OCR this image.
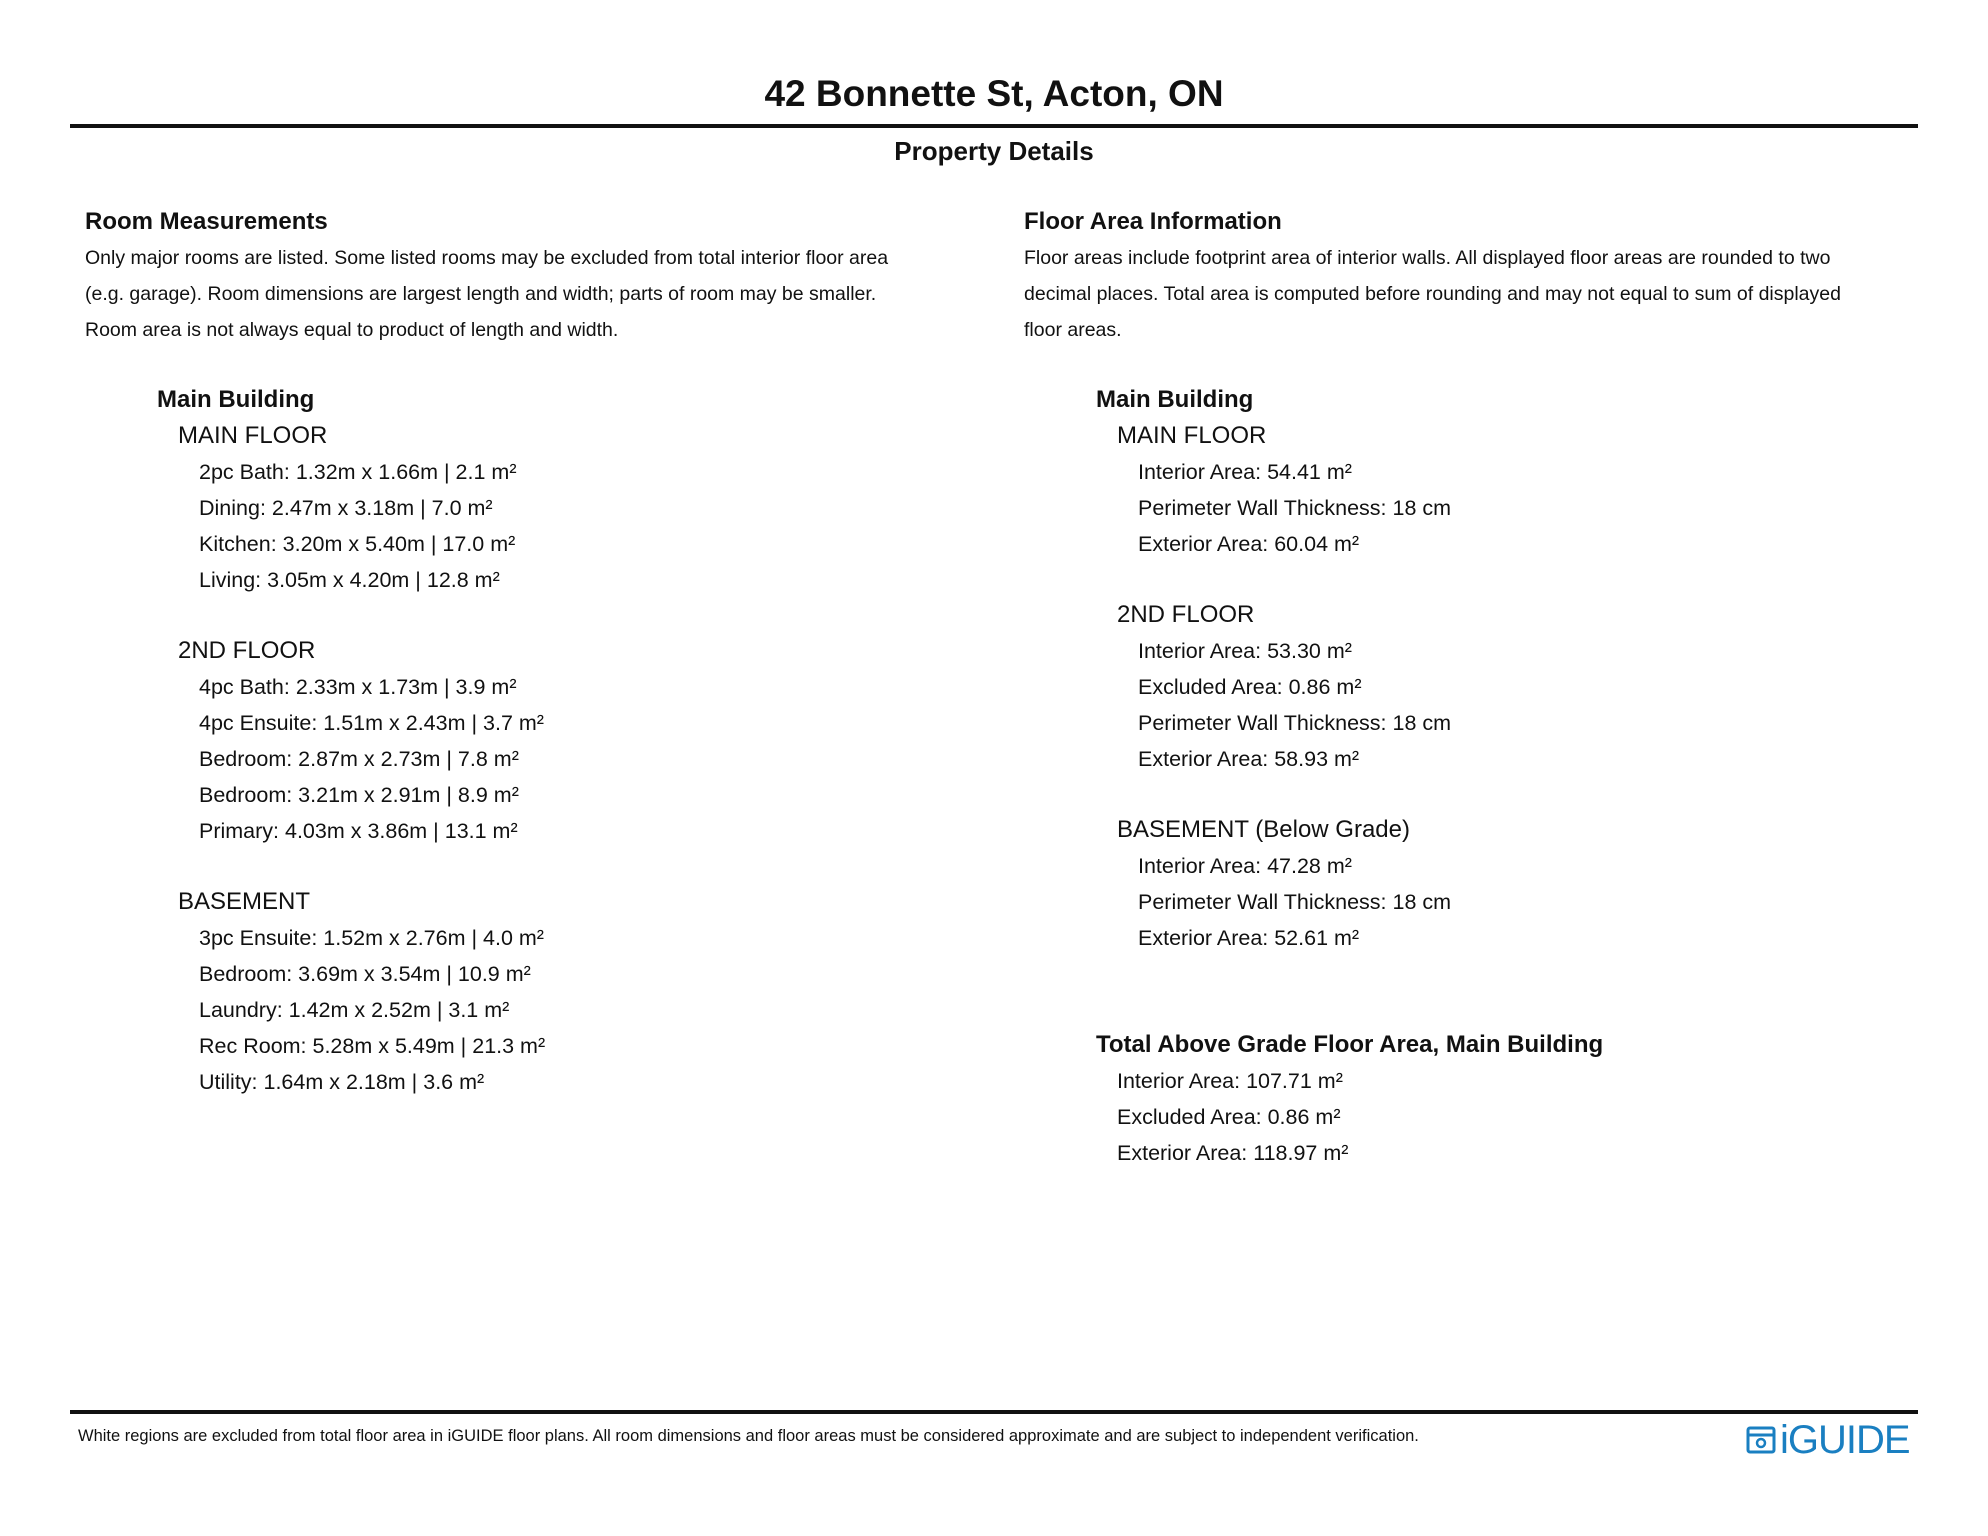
42 Bonnette St, Acton, ON
Property Details
Room Measurements
Only major rooms are listed. Some listed rooms may be excluded from total interior floor area
(e.g. garage). Room dimensions are largest length and width; parts of room may be smaller.
Room area is not always equal to product of length and width.
Main Building
MAIN FLOOR
2pc Bath: 1.32m x 1.66m | 2.1 m²
Dining: 2.47m x 3.18m | 7.0 m²
Kitchen: 3.20m x 5.40m | 17.0 m²
Living: 3.05m x 4.20m | 12.8 m²
2ND FLOOR
4pc Bath: 2.33m x 1.73m | 3.9 m²
4pc Ensuite: 1.51m x 2.43m | 3.7 m²
Bedroom: 2.87m x 2.73m | 7.8 m²
Bedroom: 3.21m x 2.91m | 8.9 m²
Primary: 4.03m x 3.86m | 13.1 m²
BASEMENT
3pc Ensuite: 1.52m x 2.76m | 4.0 m²
Bedroom: 3.69m x 3.54m | 10.9 m²
Laundry: 1.42m x 2.52m | 3.1 m²
Rec Room: 5.28m x 5.49m | 21.3 m²
Utility: 1.64m x 2.18m | 3.6 m²
Floor Area Information
Floor areas include footprint area of interior walls. All displayed floor areas are rounded to two
decimal places. Total area is computed before rounding and may not equal to sum of displayed
floor areas.
Main Building
MAIN FLOOR
Interior Area: 54.41 m²
Perimeter Wall Thickness: 18 cm
Exterior Area: 60.04 m²
2ND FLOOR
Interior Area: 53.30 m²
Excluded Area: 0.86 m²
Perimeter Wall Thickness: 18 cm
Exterior Area: 58.93 m²
BASEMENT (Below Grade)
Interior Area: 47.28 m²
Perimeter Wall Thickness: 18 cm
Exterior Area: 52.61 m²
Total Above Grade Floor Area, Main Building
Interior Area: 107.71 m²
Excluded Area: 0.86 m²
Exterior Area: 118.97 m²
White regions are excluded from total floor area in iGUIDE floor plans. All room dimensions and floor areas must be considered approximate and are subject to independent verification.	iGUIDE
